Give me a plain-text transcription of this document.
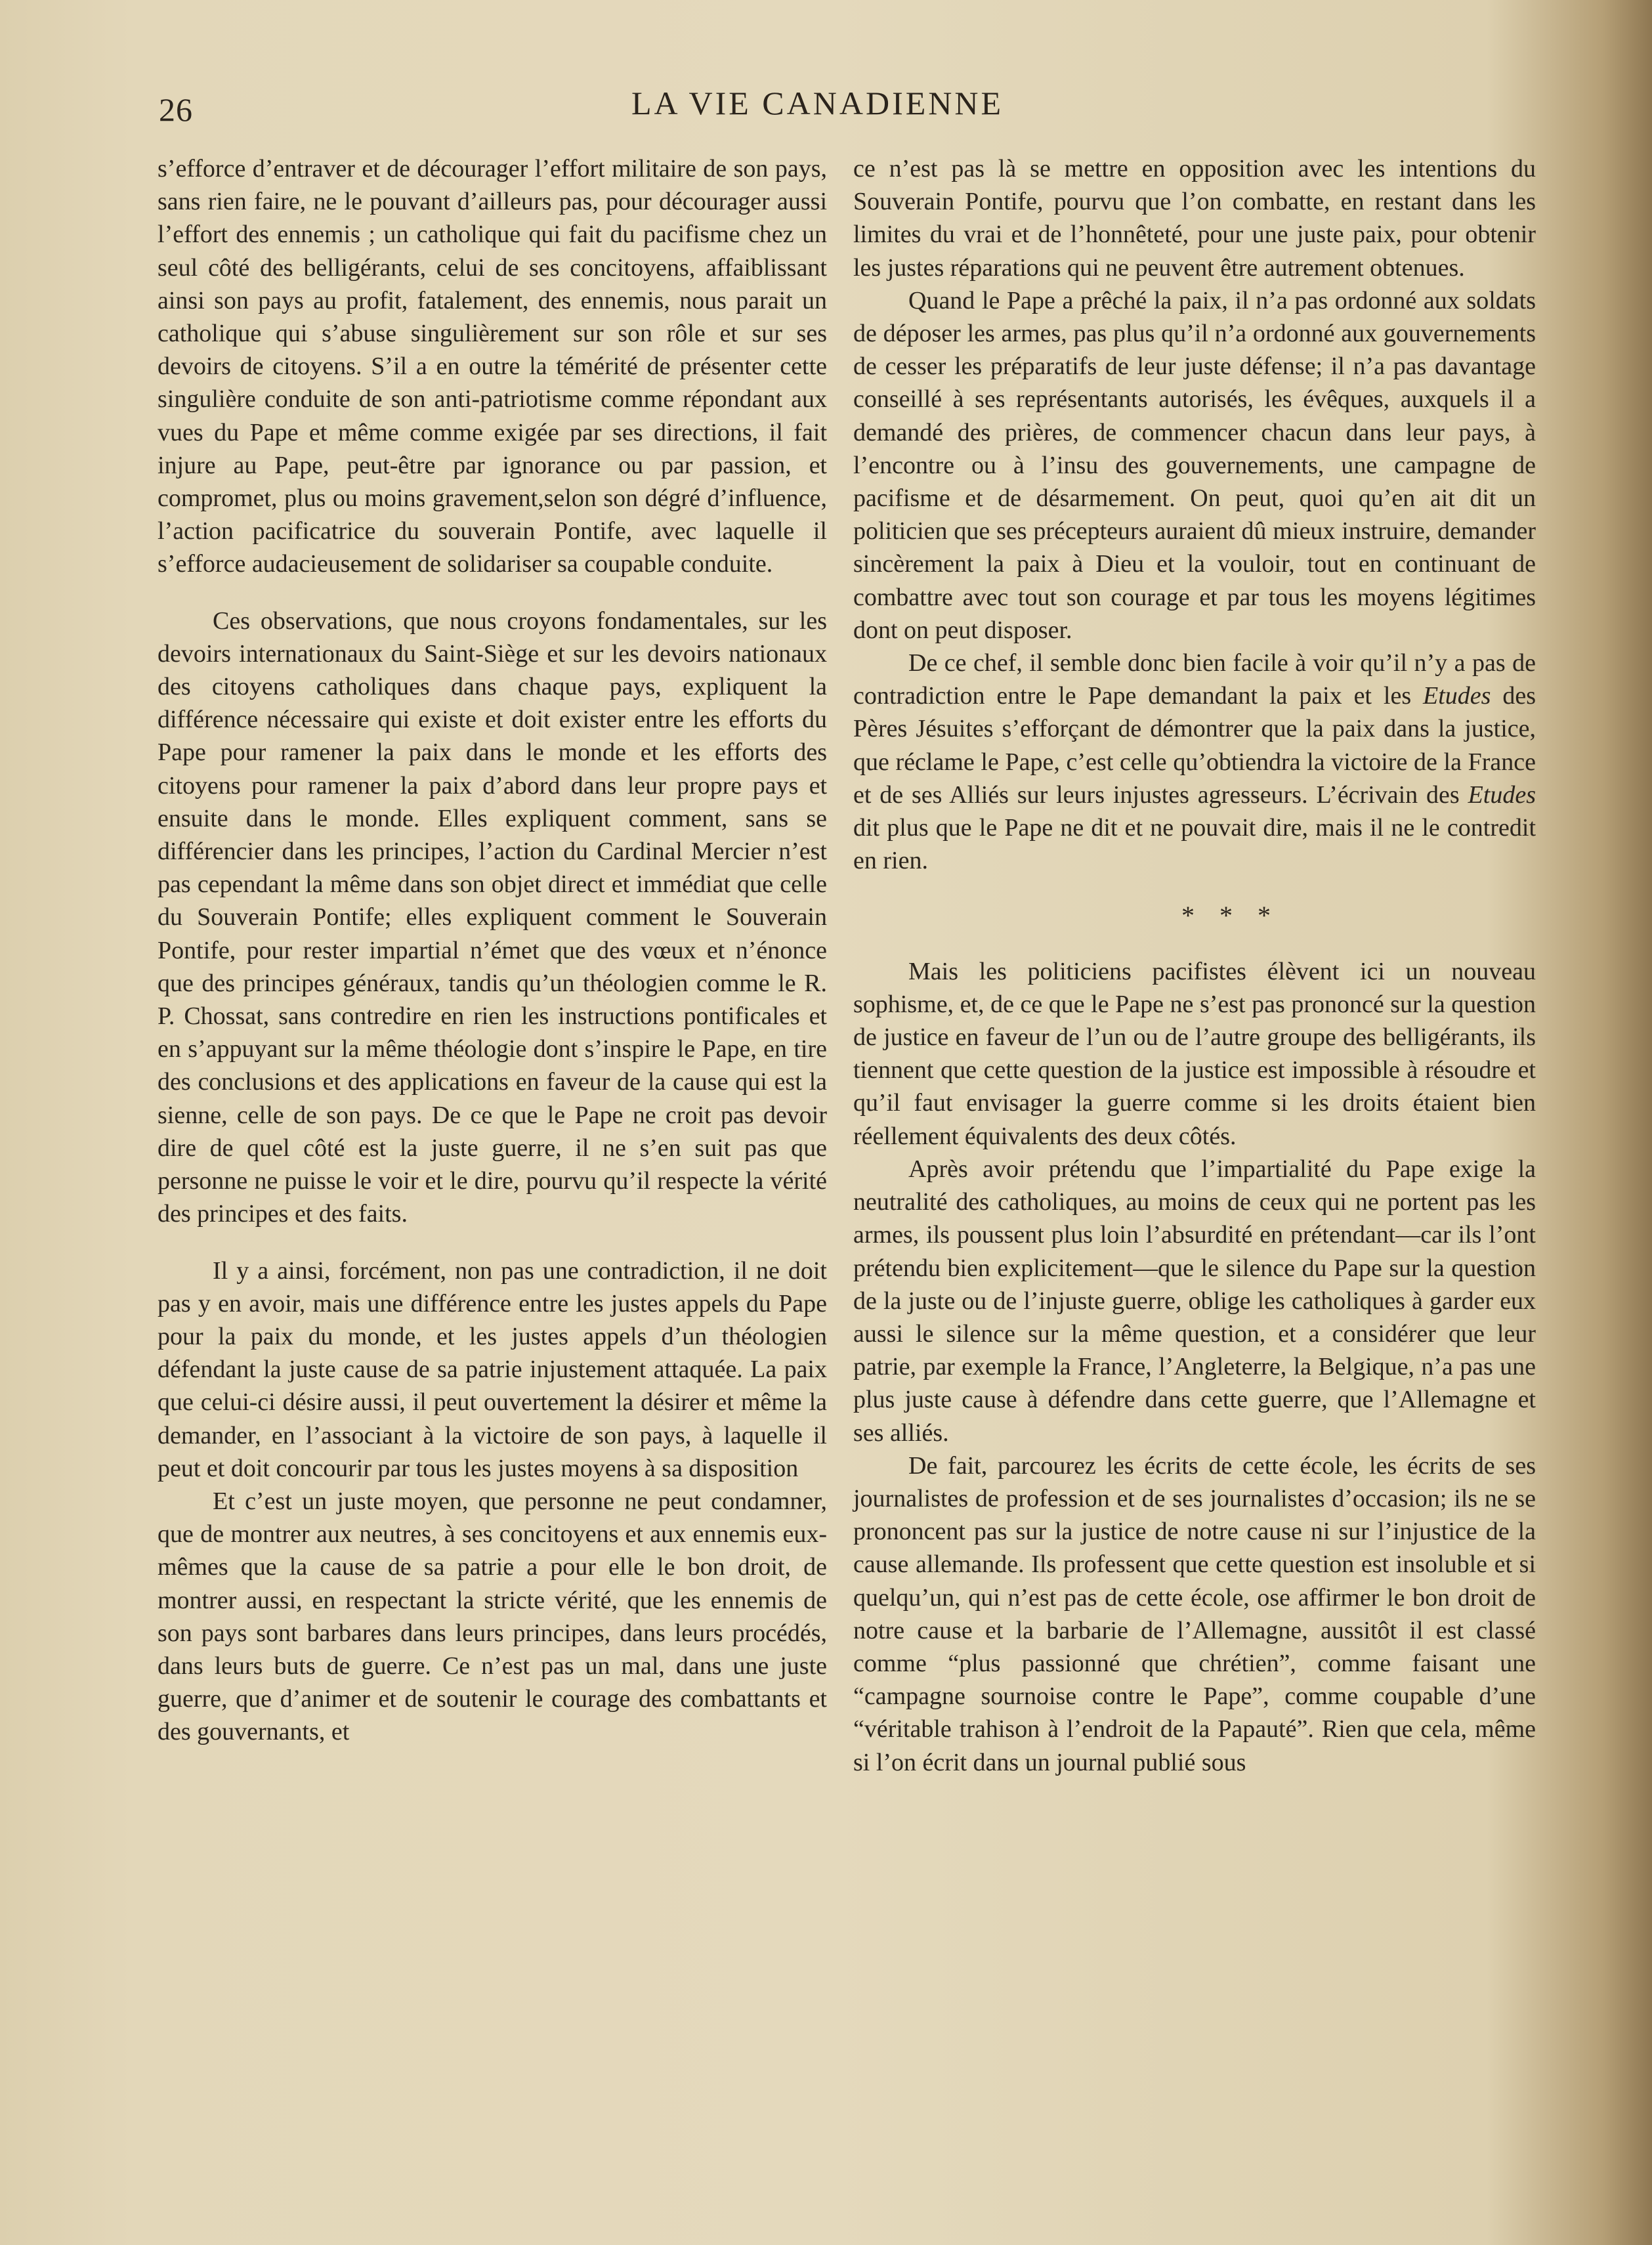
26	LA VIE CANADIENNE

s’efforce d’entraver et de décourager l’effort militaire de son pays, sans rien faire, ne le pouvant d’ailleurs pas, pour décourager aussi l’effort des ennemis ; un catholique qui fait du pacifisme chez un seul côté des belligérants, celui de ses concitoyens, affaiblissant ainsi son pays au profit, fatalement, des ennemis, nous parait un catholique qui s’abuse singulièrement sur son rôle et sur ses devoirs de citoyens. S’il a en outre la témérité de présenter cette singulière conduite de son anti-patriotisme comme répondant aux vues du Pape et même comme exigée par ses directions, il fait injure au Pape, peut-être par ignorance ou par passion, et compromet, plus ou moins gravement,selon son dégré d’influence, l’action pacificatrice du souverain Pontife, avec laquelle il s’efforce audacieusement de solidariser sa coupable conduite.

Ces observations, que nous croyons fondamentales, sur les devoirs internationaux du Saint-Siège et sur les devoirs nationaux des citoyens catholiques dans chaque pays, expliquent la différence nécessaire qui existe et doit exister entre les efforts du Pape pour ramener la paix dans le monde et les efforts des citoyens pour ramener la paix d’abord dans leur propre pays et ensuite dans le monde. Elles expliquent comment, sans se différencier dans les principes, l’action du Cardinal Mercier n’est pas cependant la même dans son objet direct et immédiat que celle du Souverain Pontife; elles expliquent comment le Souverain Pontife, pour rester impartial n’émet que des vœux et n’énonce que des principes généraux, tandis qu’un théologien comme le R. P. Chossat, sans contredire en rien les instructions pontificales et en s’appuyant sur la même théologie dont s’inspire le Pape, en tire des conclusions et des applications en faveur de la cause qui est la sienne, celle de son pays. De ce que le Pape ne croit pas devoir dire de quel côté est la juste guerre, il ne s’en suit pas que personne ne puisse le voir et le dire, pourvu qu’il respecte la vérité des principes et des faits.

Il y a ainsi, forcément, non pas une contradiction, il ne doit pas y en avoir, mais une différence entre les justes appels du Pape pour la paix du monde, et les justes appels d’un théologien défendant la juste cause de sa patrie injustement attaquée. La paix que celui-ci désire aussi, il peut ouvertement la désirer et même la demander, en l’associant à la victoire de son pays, à laquelle il peut et doit concourir par tous les justes moyens à sa disposition

Et c’est un juste moyen, que personne ne peut condamner, que de montrer aux neutres, à ses concitoyens et aux ennemis eux-mêmes que la cause de sa patrie a pour elle le bon droit, de montrer aussi, en respectant la stricte vérité, que les ennemis de son pays sont barbares dans leurs principes, dans leurs procédés, dans leurs buts de guerre. Ce n’est pas un mal, dans une juste guerre, que d’animer et de soutenir le courage des combattants et des gouvernants, et

ce n’est pas là se mettre en opposition avec les intentions du Souverain Pontife, pourvu que l’on combatte, en restant dans les limites du vrai et de l’honnêteté, pour une juste paix, pour obtenir les justes réparations qui ne peuvent être autrement obtenues.

Quand le Pape a prêché la paix, il n’a pas ordonné aux soldats de déposer les armes, pas plus qu’il n’a ordonné aux gouvernements de cesser les préparatifs de leur juste défense; il n’a pas davantage conseillé à ses représentants autorisés, les évêques, auxquels il a demandé des prières, de commencer chacun dans leur pays, à l’encontre ou à l’insu des gouvernements, une campagne de pacifisme et de désarmement. On peut, quoi qu’en ait dit un politicien que ses précepteurs auraient dû mieux instruire, demander sincèrement la paix à Dieu et la vouloir, tout en continuant de combattre avec tout son courage et par tous les moyens légitimes dont on peut disposer.

De ce chef, il semble donc bien facile à voir qu’il n’y a pas de contradiction entre le Pape demandant la paix et les Etudes des Pères Jésuites s’efforçant de démontrer que la paix dans la justice, que réclame le Pape, c’est celle qu’obtiendra la victoire de la France et de ses Alliés sur leurs injustes agresseurs. L’écrivain des Etudes dit plus que le Pape ne dit et ne pouvait dire, mais il ne le contredit en rien.

* * *

Mais les politiciens pacifistes élèvent ici un nouveau sophisme, et, de ce que le Pape ne s’est pas prononcé sur la question de justice en faveur de l’un ou de l’autre groupe des belligérants, ils tiennent que cette question de la justice est impossible à résoudre et qu’il faut envisager la guerre comme si les droits étaient bien réellement équivalents des deux côtés.

Après avoir prétendu que l’impartialité du Pape exige la neutralité des catholiques, au moins de ceux qui ne portent pas les armes, ils poussent plus loin l’absurdité en prétendant—car ils l’ont prétendu bien explicitement—que le silence du Pape sur la question de la juste ou de l’injuste guerre, oblige les catholiques à garder eux aussi le silence sur la même question, et a considérer que leur patrie, par exemple la France, l’Angleterre, la Belgique, n’a pas une plus juste cause à défendre dans cette guerre, que l’Allemagne et ses alliés.

De fait, parcourez les écrits de cette école, les écrits de ses journalistes de profession et de ses journalistes d’occasion; ils ne se prononcent pas sur la justice de notre cause ni sur l’injustice de la cause allemande. Ils professent que cette question est insoluble et si quelqu’un, qui n’est pas de cette école, ose affirmer le bon droit de notre cause et la barbarie de l’Allemagne, aussitôt il est classé comme “plus passionné que chrétien”, comme faisant une “campagne sournoise contre le Pape”, comme coupable d’une “véritable trahison à l’endroit de la Papauté”. Rien que cela, même si l’on écrit dans un journal publié sous
